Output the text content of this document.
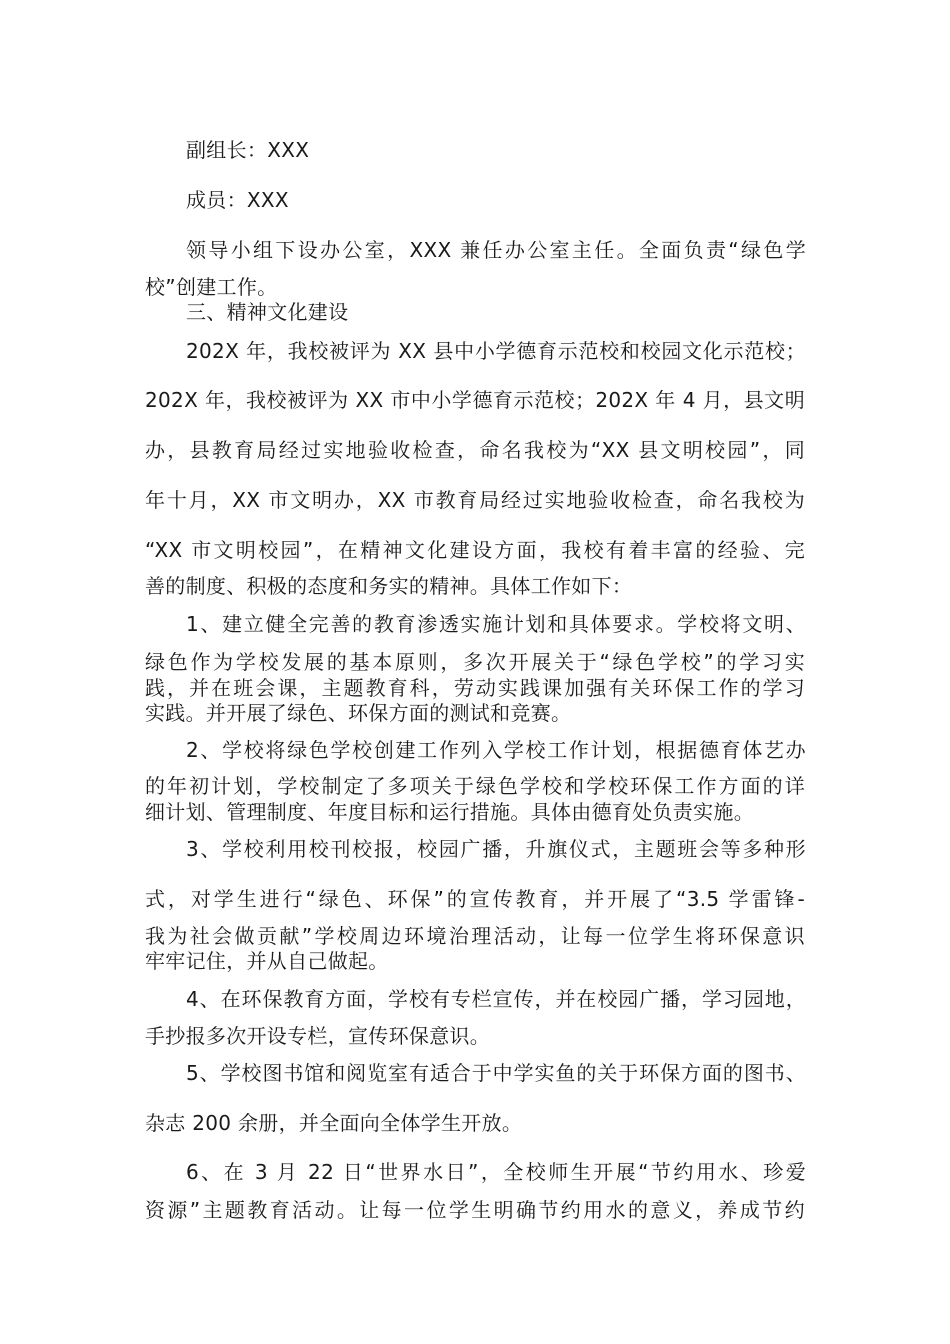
副组长：XXX
成员：XXX
领导小组下设办公室，XXX 兼任办公室主任。全面负责“绿色学
校”创建工作。
三、精神文化建设
202X 年，我校被评为 XX 县中小学德育示范校和校园文化示范校；
202X 年，我校被评为 XX 市中小学德育示范校；202X 年 4 月，县文明
办，县教育局经过实地验收检查，命名我校为“XX 县文明校园”，同
年十月，XX 市文明办，XX 市教育局经过实地验收检查，命名我校为
“XX 市文明校园”，在精神文化建设方面，我校有着丰富的经验、完
善的制度、积极的态度和务实的精神。具体工作如下：
1、建立健全完善的教育渗透实施计划和具体要求。学校将文明、
绿色作为学校发展的基本原则，多次开展关于“绿色学校”的学习实
践，并在班会课，主题教育科，劳动实践课加强有关环保工作的学习
实践。并开展了绿色、环保方面的测试和竞赛。
2、学校将绿色学校创建工作列入学校工作计划，根据德育体艺办
的年初计划，学校制定了多项关于绿色学校和学校环保工作方面的详
细计划、管理制度、年度目标和运行措施。具体由德育处负责实施。
3、学校利用校刊校报，校园广播，升旗仪式，主题班会等多种形
式，对学生进行“绿色、环保”的宣传教育，并开展了“3.5 学雷锋-
我为社会做贡献”学校周边环境治理活动，让每一位学生将环保意识
牢牢记住，并从自己做起。
4、在环保教育方面，学校有专栏宣传，并在校园广播，学习园地，
手抄报多次开设专栏，宣传环保意识。
5、学校图书馆和阅览室有适合于中学实鱼的关于环保方面的图书、
杂志 200 余册，并全面向全体学生开放。
6、在 3 月 22 日“世界水日”，全校师生开展“节约用水、珍爱
资源”主题教育活动。让每一位学生明确节约用水的意义，养成节约
